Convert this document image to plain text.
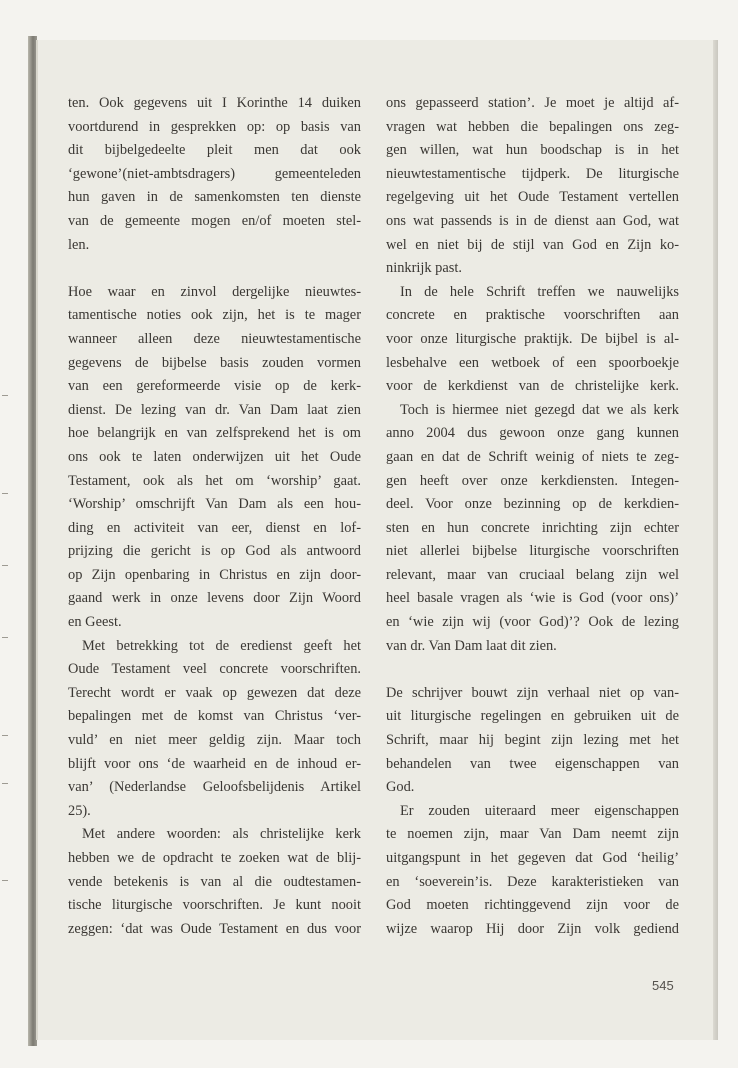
ten. Ook gegevens uit I Korinthe 14 duiken
voortdurend in gesprekken op: op basis van
dit bijbelgedeelte pleit men dat ook
‘gewone’(niet-ambtsdragers) gemeenteleden
hun gaven in de samenkomsten ten dienste
van de gemeente mogen en/of moeten stel-
len.
Hoe waar en zinvol dergelijke nieuwtes-
tamentische noties ook zijn, het is te mager
wanneer alleen deze nieuwtestamentische
gegevens de bijbelse basis zouden vormen
van een gereformeerde visie op de kerk-
dienst. De lezing van dr. Van Dam laat zien
hoe belangrijk en van zelfsprekend het is om
ons ook te laten onderwijzen uit het Oude
Testament, ook als het om ‘worship’ gaat.
‘Worship’ omschrijft Van Dam als een hou-
ding en activiteit van eer, dienst en lof-
prijzing die gericht is op God als antwoord
op Zijn openbaring in Christus en zijn door-
gaand werk in onze levens door Zijn Woord
en Geest.
Met betrekking tot de eredienst geeft het
Oude Testament veel concrete voorschriften.
Terecht wordt er vaak op gewezen dat deze
bepalingen met de komst van Christus ‘ver-
vuld’ en niet meer geldig zijn. Maar toch
blijft voor ons ‘de waarheid en de inhoud er-
van’ (Nederlandse Geloofsbelijdenis Artikel
25).
Met andere woorden: als christelijke kerk
hebben we de opdracht te zoeken wat de blij-
vende betekenis is van al die oudtestamen-
tische liturgische voorschriften. Je kunt nooit
zeggen: ‘dat was Oude Testament en dus voor
ons gepasseerd station’. Je moet je altijd af-
vragen wat hebben die bepalingen ons zeg-
gen willen, wat hun boodschap is in het
nieuwtestamentische tijdperk. De liturgische
regelgeving uit het Oude Testament vertellen
ons wat passends is in de dienst aan God, wat
wel en niet bij de stijl van God en Zijn ko-
ninkrijk past.
In de hele Schrift treffen we nauwelijks
concrete en praktische voorschriften aan
voor onze liturgische praktijk. De bijbel is al-
lesbehalve een wetboek of een spoorboekje
voor de kerkdienst van de christelijke kerk.
Toch is hiermee niet gezegd dat we als kerk
anno 2004 dus gewoon onze gang kunnen
gaan en dat de Schrift weinig of niets te zeg-
gen heeft over onze kerkdiensten. Integen-
deel. Voor onze bezinning op de kerkdien-
sten en hun concrete inrichting zijn echter
niet allerlei bijbelse liturgische voorschriften
relevant, maar van cruciaal belang zijn wel
heel basale vragen als ‘wie is God (voor ons)’
en ‘wie zijn wij (voor God)’? Ook de lezing
van dr. Van Dam laat dit zien.
De schrijver bouwt zijn verhaal niet op van-
uit liturgische regelingen en gebruiken uit de
Schrift, maar hij begint zijn lezing met het
behandelen van twee eigenschappen van
God.
Er zouden uiteraard meer eigenschappen
te noemen zijn, maar Van Dam neemt zijn
uitgangspunt in het gegeven dat God ‘heilig’
en ‘soeverein’is. Deze karakteristieken van
God moeten richtinggevend zijn voor de
wijze waarop Hij door Zijn volk gediend
545
